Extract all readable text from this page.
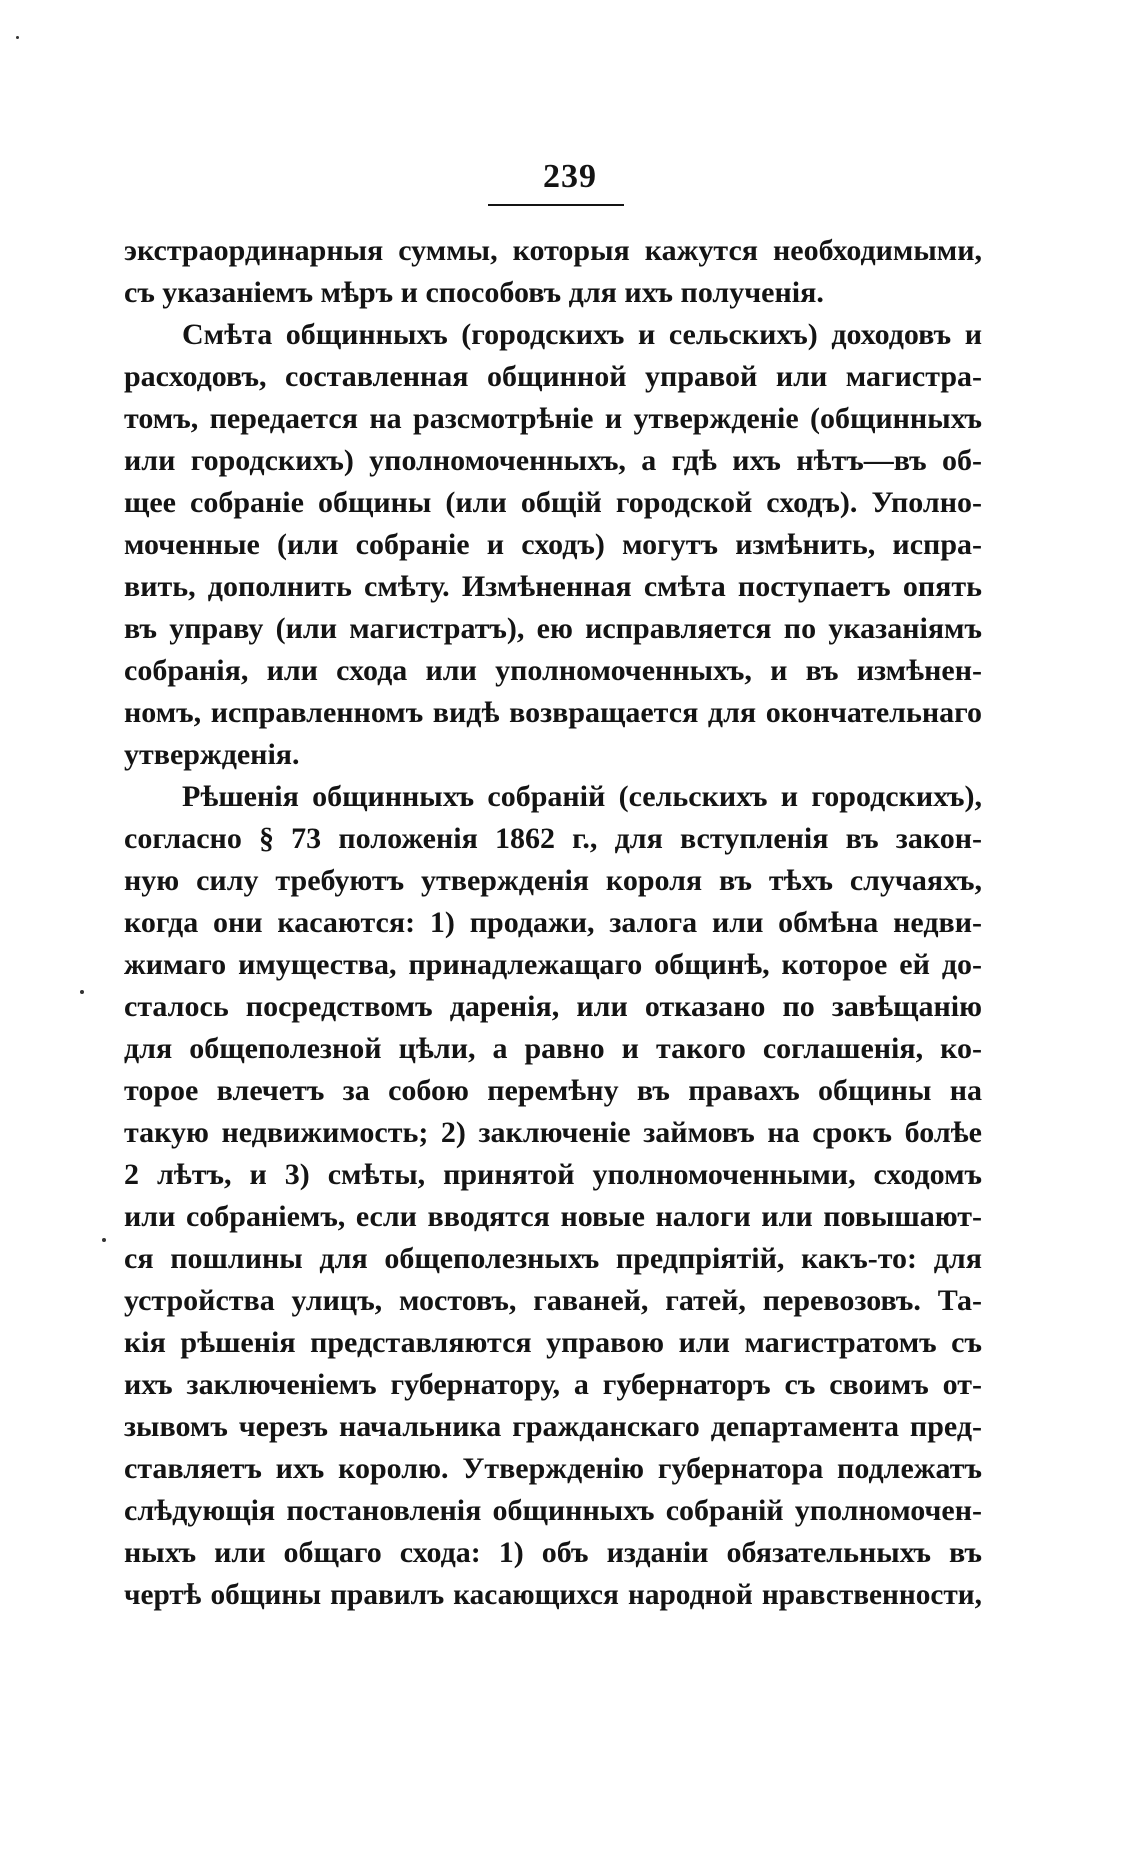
239
экстраординарныя суммы, которыя кажутся необходимыми,
съ указаніемъ мѣръ и способовъ для ихъ полученія.
Смѣта общинныхъ (городскихъ и сельскихъ) доходовъ и
расходовъ, составленная общинной управой или магистра-
томъ, передается на разсмотрѣніе и утвержденіе (общинныхъ
или городскихъ) уполномоченныхъ, а гдѣ ихъ нѣтъ—въ об-
щее собраніе общины (или общій городской сходъ). Уполно-
моченные (или собраніе и сходъ) могутъ измѣнить, испра-
вить, дополнить смѣту. Измѣненная смѣта поступаетъ опять
въ управу (или магистратъ), ею исправляется по указаніямъ
собранія, или схода или уполномоченныхъ, и въ измѣнен-
номъ, исправленномъ видѣ возвращается для окончательнаго
утвержденія.
Рѣшенія общинныхъ собраній (сельскихъ и городскихъ),
согласно § 73 положенія 1862 г., для вступленія въ закон-
ную силу требуютъ утвержденія короля въ тѣхъ случаяхъ,
когда они касаются: 1) продажи, залога или обмѣна недви-
жимаго имущества, принадлежащаго общинѣ, которое ей до-
сталось посредствомъ даренія, или отказано по завѣщанію
для общеполезной цѣли, а равно и такого соглашенія, ко-
торое влечетъ за собою перемѣну въ правахъ общины на
такую недвижимость; 2) заключеніе займовъ на срокъ болѣе
2 лѣтъ, и 3) смѣты, принятой уполномоченными, сходомъ
или собраніемъ, если вводятся новые налоги или повышают-
ся пошлины для общеполезныхъ предпріятій, какъ-то: для
устройства улицъ, мостовъ, гаваней, гатей, перевозовъ. Та-
кія рѣшенія представляются управою или магистратомъ съ
ихъ заключеніемъ губернатору, а губернаторъ съ своимъ от-
зывомъ черезъ начальника гражданскаго департамента пред-
ставляетъ ихъ королю. Утвержденію губернатора подлежатъ
слѣдующія постановленія общинныхъ собраній уполномочен-
ныхъ или общаго схода: 1) объ изданіи обязательныхъ въ
чертѣ общины правилъ касающихся народной нравственности,
